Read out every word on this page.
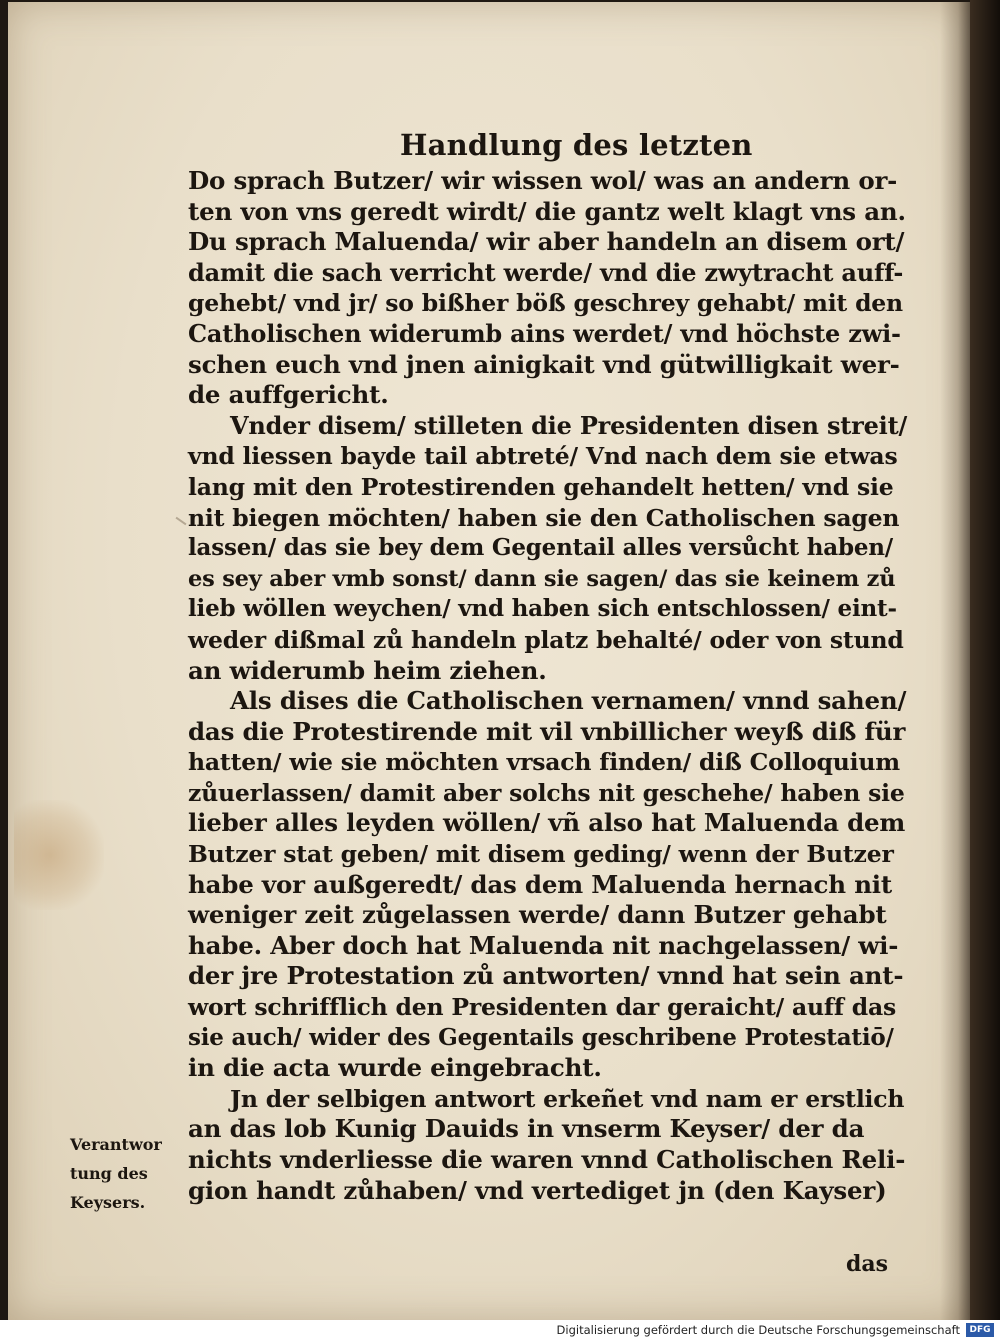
Handlung des letzten
Do sprach Butzer/ wir wissen wol/ was an andern or-
ten von vns geredt wirdt/ die gantz welt klagt vns an.
Du sprach Maluenda/ wir aber handeln an disem ort/
damit die sach verricht werde/ vnd die zwytracht auff-
gehebt/ vnd jr/ so bißher böß geschrey gehabt/ mit den
Catholischen widerumb ains werdet/ vnd höchste zwi-
schen euch vnd jnen ainigkait vnd gütwilligkait wer-
de auffgericht.
Vnder disem/ stilleten die Presidenten disen streit/
vnd liessen bayde tail abtreté/ Vnd nach dem sie etwas
lang mit den Protestirenden gehandelt hetten/ vnd sie
nit biegen möchten/ haben sie den Catholischen sagen
lassen/ das sie bey dem Gegentail alles versůcht haben/
es sey aber vmb sonst/ dann sie sagen/ das sie keinem zů
lieb wöllen weychen/ vnd haben sich entschlossen/ eint-
weder dißmal zů handeln platz behalté/ oder von stund
an widerumb heim ziehen.
Als dises die Catholischen vernamen/ vnnd sahen/
das die Protestirende mit vil vnbillicher weyß diß für
hatten/ wie sie möchten vrsach finden/ diß Colloquium
zůuerlassen/ damit aber solchs nit geschehe/ haben sie
lieber alles leyden wöllen/ vñ also hat Maluenda dem
Butzer stat geben/ mit disem geding/ wenn der Butzer
habe vor außgeredt/ das dem Maluenda hernach nit
weniger zeit zůgelassen werde/ dann Butzer gehabt
habe. Aber doch hat Maluenda nit nachgelassen/ wi-
der jre Protestation zů antworten/ vnnd hat sein ant-
wort schrifflich den Presidenten dar geraicht/ auff das
sie auch/ wider des Gegentails geschribene Protestatiō/
in die acta wurde eingebracht.
Jn der selbigen antwort erkeñet vnd nam er erstlich
an das lob Kunig Dauids in vnserm Keyser/ der da
nichts vnderliesse die waren vnnd Catholischen Reli-
gion handt zůhaben/ vnd vertediget jn (den Kayser)
Verantwor
tung des
Keysers.
das
Digitalisierung gefördert durch die Deutsche Forschungsgemeinschaft	DFG
